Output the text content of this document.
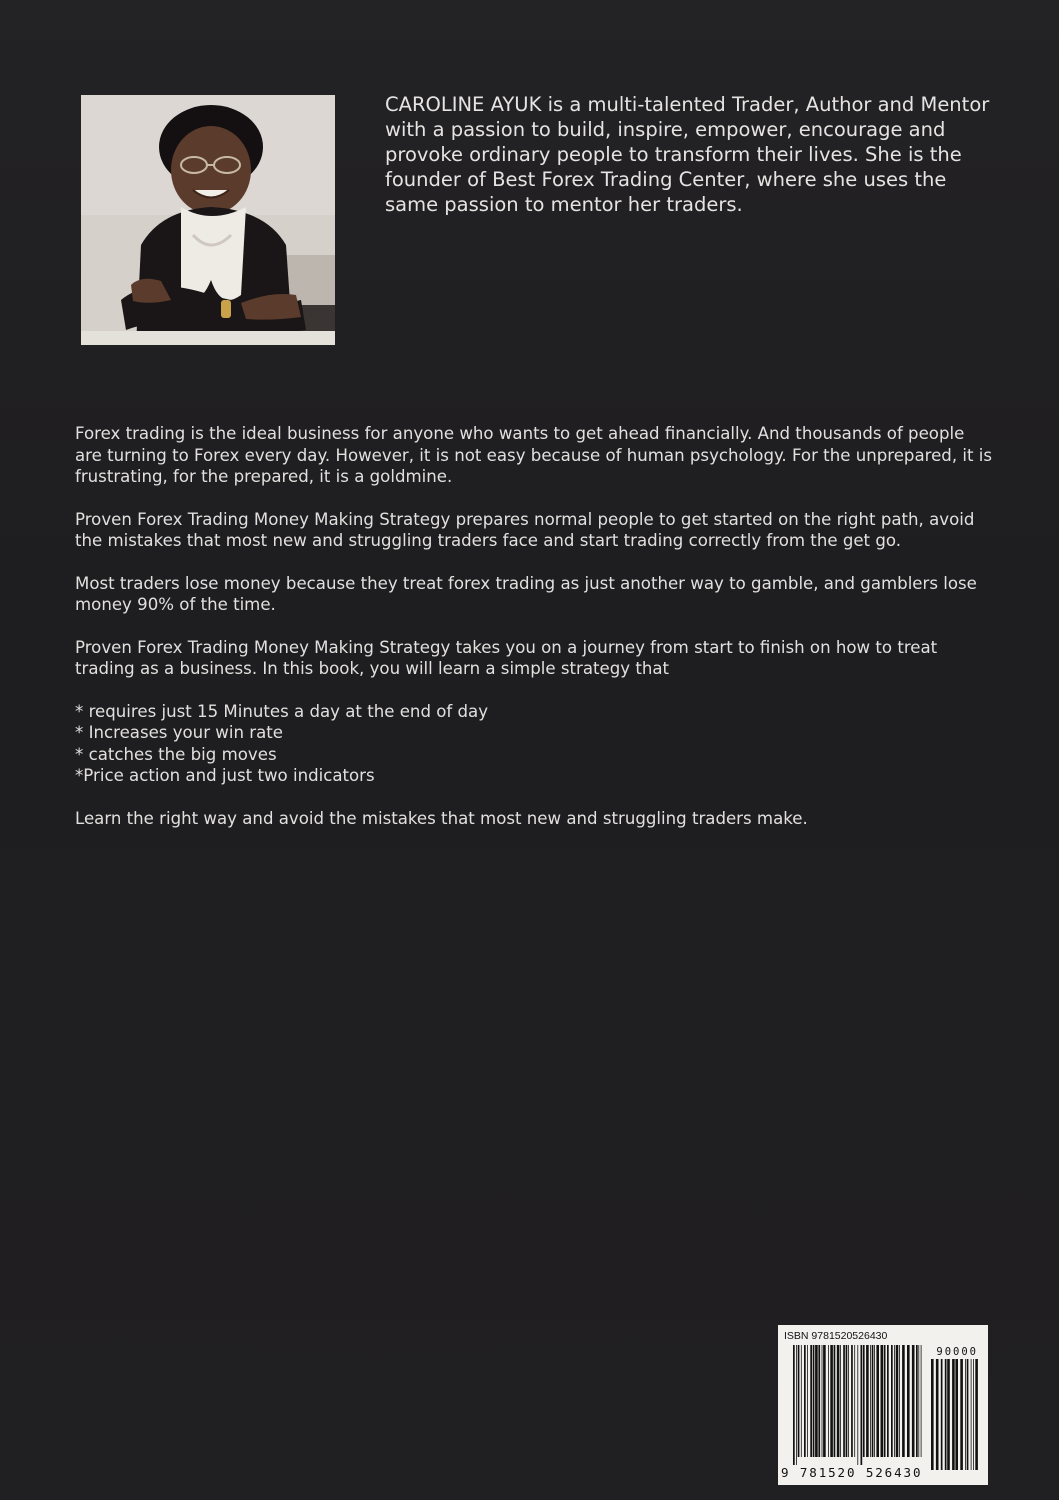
CAROLINE AYUK is a multi-talented Trader, Author and Mentor with a passion to build, inspire, empower, encourage and provoke ordinary people to transform their lives. She is the founder of Best Forex Trading Center, where she uses the same passion to mentor her traders.

Forex trading is the ideal business for anyone who wants to get ahead financially. And thousands of people are turning to Forex every day. However, it is not easy because of human psychology. For the unprepared, it is frustrating, for the prepared, it is a goldmine.

Proven Forex Trading Money Making Strategy prepares normal people to get started on the right path, avoid the mistakes that most new and struggling traders face and start trading correctly from the get go.

Most traders lose money because they treat forex trading as just another way to gamble, and gamblers lose money 90% of the time.

Proven Forex Trading Money Making Strategy takes you on a journey from start to finish on how to treat trading as a business. In this book, you will learn a simple strategy that

* requires just 15 Minutes a day at the end of day
* Increases your win rate
* catches the big moves
*Price action and just two indicators

Learn the right way and avoid the mistakes that most new and struggling traders make.

ISBN 9781520526430
90000
9 781520 526430
